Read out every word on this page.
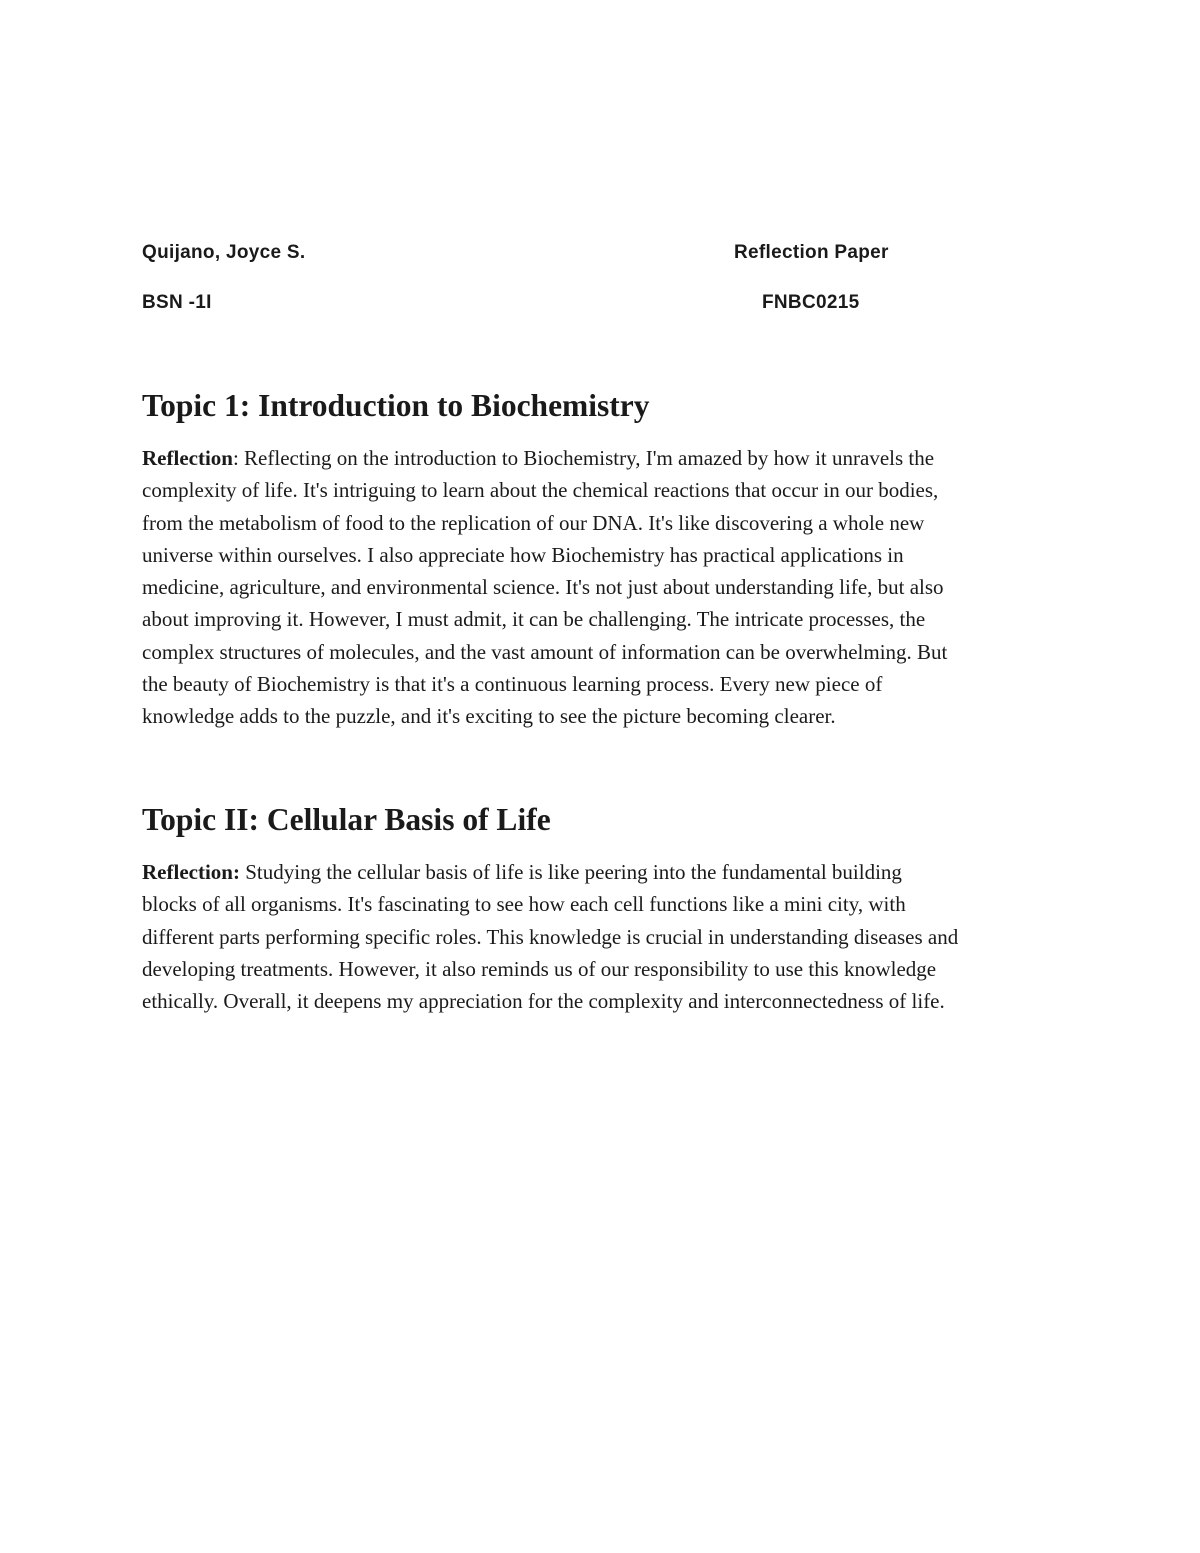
Quijano, Joyce S.	Reflection Paper
BSN -1I	FNBC0215
Topic 1: Introduction to Biochemistry

Reflection: Reflecting on the introduction to Biochemistry, I'm amazed by how it unravels the
complexity of life. It's intriguing to learn about the chemical reactions that occur in our bodies,
from the metabolism of food to the replication of our DNA. It's like discovering a whole new
universe within ourselves. I also appreciate how Biochemistry has practical applications in
medicine, agriculture, and environmental science. It's not just about understanding life, but also
about improving it. However, I must admit, it can be challenging. The intricate processes, the
complex structures of molecules, and the vast amount of information can be overwhelming. But
the beauty of Biochemistry is that it's a continuous learning process. Every new piece of
knowledge adds to the puzzle, and it's exciting to see the picture becoming clearer.

Topic II: Cellular Basis of Life

Reflection: Studying the cellular basis of life is like peering into the fundamental building
blocks of all organisms. It's fascinating to see how each cell functions like a mini city, with
different parts performing specific roles. This knowledge is crucial in understanding diseases and
developing treatments. However, it also reminds us of our responsibility to use this knowledge
ethically. Overall, it deepens my appreciation for the complexity and interconnectedness of life.
